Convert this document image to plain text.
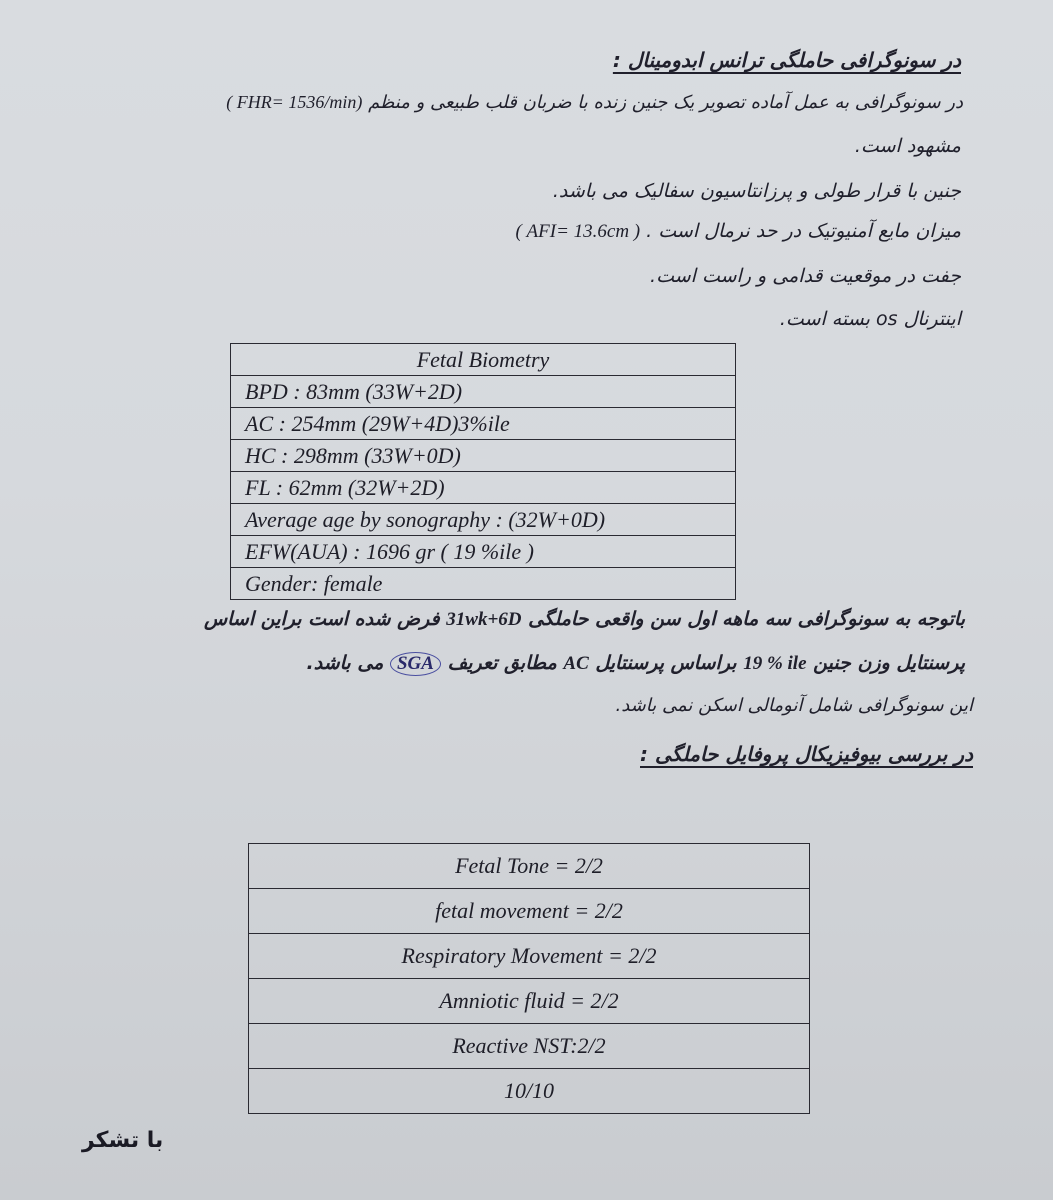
در سونوگرافی حاملگی ترانس ابدومینال :
در سونوگرافی به عمل آماده تصویر یک جنین زنده با ضربان قلب طبیعی و منظم ( FHR= 1536/min)
مشهود است.
جنین با قرار طولی و پرزانتاسیون سفالیک می باشد.
میزان مایع آمنیوتیک در حد نرمال است . ( AFI= 13.6cm )
جفت در موقعیت قدامی و راست است.
اینترنال os بسته است.
Fetal Biometry
BPD : 83mm (33W+2D)
AC : 254mm (29W+4D)3%ile
HC : 298mm (33W+0D)
FL : 62mm (32W+2D)
Average age by sonography : (32W+0D)
EFW(AUA) : 1696 gr ( 19 %ile )
Gender: female
باتوجه به سونوگرافی سه ماهه اول سن واقعی حاملگی 31wk+6D فرض شده است براین اساس
پرسنتایل وزن جنین 19 % ile براساس پرسنتایل AC مطابق تعریف SGA می باشد.
این سونوگرافی شامل آنومالی اسکن نمی باشد.
در بررسی بیوفیزیکال پروفایل حاملگی :
Fetal Tone = 2/2
fetal movement = 2/2
Respiratory Movement = 2/2
Amniotic fluid = 2/2
Reactive NST:2/2
10/10
با تشکر
